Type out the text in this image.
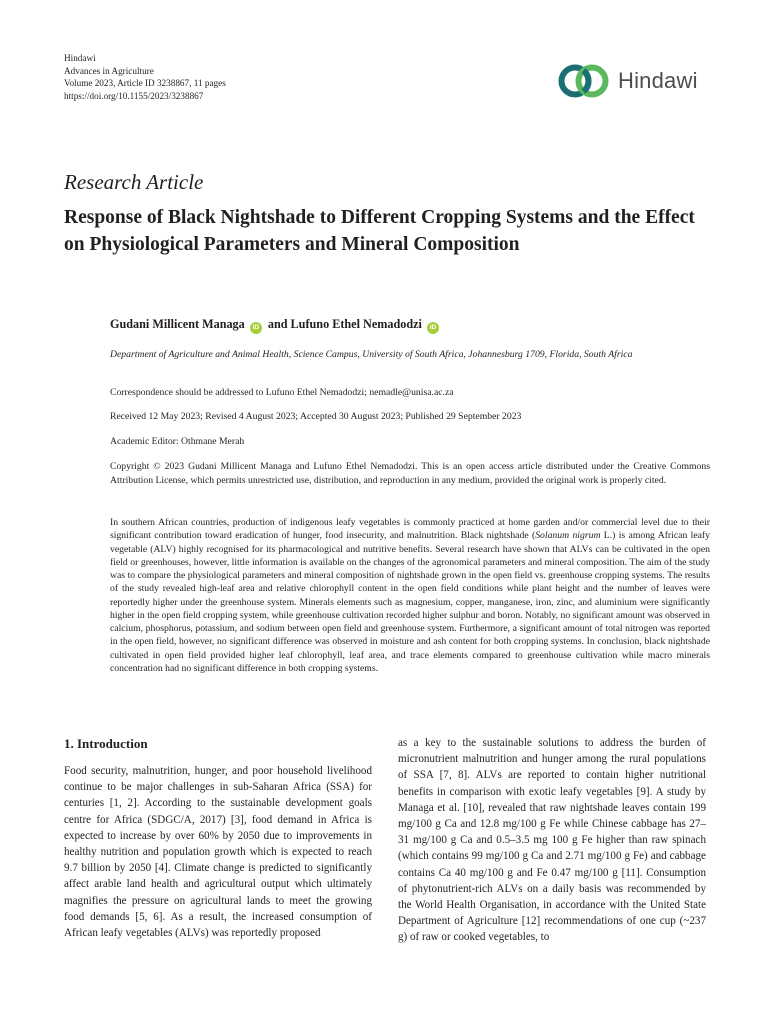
Hindawi
Advances in Agriculture
Volume 2023, Article ID 3238867, 11 pages
https://doi.org/10.1155/2023/3238867
Hindawi
Research Article
Response of Black Nightshade to Different Cropping Systems and the Effect on Physiological Parameters and Mineral Composition
Gudani Millicent Managa iD and Lufuno Ethel Nemadodzi iD
Department of Agriculture and Animal Health, Science Campus, University of South Africa, Johannesburg 1709, Florida, South Africa
Correspondence should be addressed to Lufuno Ethel Nemadodzi; nemadle@unisa.ac.za
Received 12 May 2023; Revised 4 August 2023; Accepted 30 August 2023; Published 29 September 2023
Academic Editor: Othmane Merah
Copyright © 2023 Gudani Millicent Managa and Lufuno Ethel Nemadodzi. This is an open access article distributed under the Creative Commons Attribution License, which permits unrestricted use, distribution, and reproduction in any medium, provided the original work is properly cited.
In southern African countries, production of indigenous leafy vegetables is commonly practiced at home garden and/or commercial level due to their significant contribution toward eradication of hunger, food insecurity, and malnutrition. Black nightshade (Solanum nigrum L.) is among African leafy vegetable (ALV) highly recognised for its pharmacological and nutritive benefits. Several research have shown that ALVs can be cultivated in the open field or greenhouses, however, little information is available on the changes of the agronomical parameters and mineral composition. The aim of the study was to compare the physiological parameters and mineral composition of nightshade grown in the open field vs. greenhouse cropping systems. The results of the study revealed high-leaf area and relative chlorophyll content in the open field conditions while plant height and the number of leaves were reportedly higher under the greenhouse system. Minerals elements such as magnesium, copper, manganese, iron, zinc, and aluminium were significantly higher in the open field cropping system, while greenhouse cultivation recorded higher sulphur and boron. Notably, no significant amount was observed in calcium, phosphorus, potassium, and sodium between open field and greenhouse system. Furthermore, a significant amount of total nitrogen was reported in the open field, however, no significant difference was observed in moisture and ash content for both cropping systems. In conclusion, black nightshade cultivated in open field provided higher leaf chlorophyll, leaf area, and trace elements compared to greenhouse cultivation while macro minerals concentration had no significant difference in both cropping systems.
1. Introduction

Food security, malnutrition, hunger, and poor household livelihood continue to be major challenges in sub-Saharan Africa (SSA) for centuries [1, 2]. According to the sustainable development goals centre for Africa (SDGC/A, 2017) [3], food demand in Africa is expected to increase by over 60% by 2050 due to improvements in healthy nutrition and population growth which is expected to reach 9.7 billion by 2050 [4]. Climate change is predicted to significantly affect arable land health and agricultural output which ultimately magnifies the pressure on agricultural lands to meet the growing food demands [5, 6]. As a result, the increased consumption of African leafy vegetables (ALVs) was reportedly proposed

as a key to the sustainable solutions to address the burden of micronutrient malnutrition and hunger among the rural populations of SSA [7, 8]. ALVs are reported to contain higher nutritional benefits in comparison with exotic leafy vegetables [9]. A study by Managa et al. [10], revealed that raw nightshade leaves contain 199 mg/100 g Ca and 12.8 mg/100 g Fe while Chinese cabbage has 27–31 mg/100 g Ca and 0.5–3.5 mg 100 g Fe higher than raw spinach (which contains 99 mg/100 g Ca and 2.71 mg/100 g Fe) and cabbage contains Ca 40 mg/100 g and Fe 0.47 mg/100 g [11]. Consumption of phytonutrient-rich ALVs on a daily basis was recommended by the World Health Organisation, in accordance with the United State Department of Agriculture [12] recommendations of one cup (~237 g) of raw or cooked vegetables, to
